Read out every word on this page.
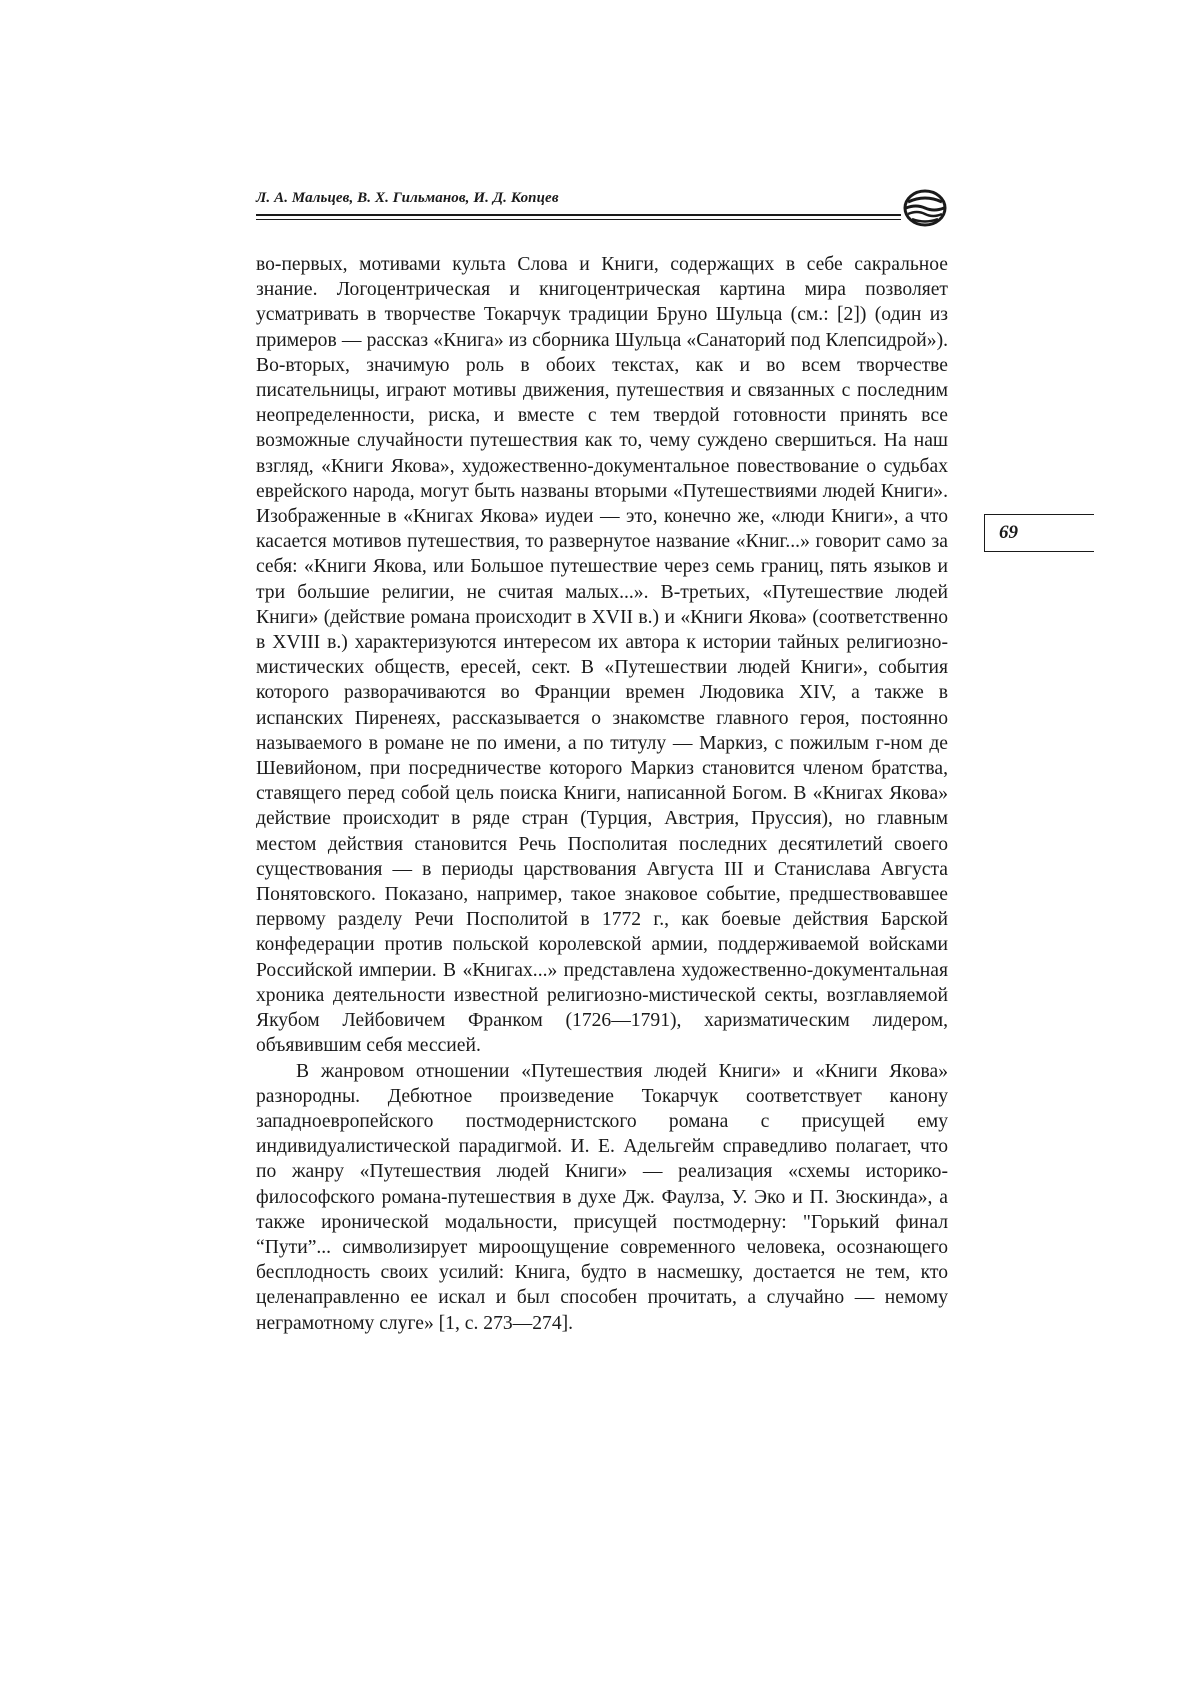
Л. А. Мальцев, В. Х. Гильманов, И. Д. Копцев
69

во-первых, мотивами культа Слова и Книги, содержащих в себе сакральное знание. Логоцентрическая и книгоцентрическая картина мира позволяет усматривать в творчестве Токарчук традиции Бруно Шульца (см.: [2]) (один из примеров — рассказ «Книга» из сборника Шульца «Санаторий под Клепсидрой»). Во-вторых, значимую роль в обоих текстах, как и во всем творчестве писательницы, играют мотивы движения, путешествия и связанных с последним неопределенности, риска, и вместе с тем твердой готовности принять все возможные случайности путешествия как то, чему суждено свершиться. На наш взгляд, «Книги Якова», художественно-документальное повествование о судьбах еврейского народа, могут быть названы вторыми «Путешествиями людей Книги». Изображенные в «Книгах Якова» иудеи — это, конечно же, «люди Книги», а что касается мотивов путешествия, то развернутое название «Книг...» говорит само за себя: «Книги Якова, или Большое путешествие через семь границ, пять языков и три большие религии, не считая малых...». В-третьих, «Путешествие людей Книги» (действие романа происходит в XVII в.) и «Книги Якова» (соответственно в XVIII в.) характеризуются интересом их автора к истории тайных религиозно-мистических обществ, ересей, сект. В «Путешествии людей Книги», события которого разворачиваются во Франции времен Людовика XIV, а также в испанских Пиренеях, рассказывается о знакомстве главного героя, постоянно называемого в романе не по имени, а по титулу — Маркиз, с пожилым г-ном де Шевийоном, при посредничестве которого Маркиз становится членом братства, ставящего перед собой цель поиска Книги, написанной Богом. В «Книгах Якова» действие происходит в ряде стран (Турция, Австрия, Пруссия), но главным местом действия становится Речь Посполитая последних десятилетий своего существования — в периоды царствования Августа III и Станислава Августа Понятовского. Показано, например, такое знаковое событие, предшествовавшее первому разделу Речи Посполитой в 1772 г., как боевые действия Барской конфедерации против польской королевской армии, поддерживаемой войсками Российской империи. В «Книгах...» представлена художественно-документальная хроника деятельности известной религиозно-мистической секты, возглавляемой Якубом Лейбовичем Франком (1726—1791), харизматическим лидером, объявившим себя мессией.

В жанровом отношении «Путешествия людей Книги» и «Книги Якова» разнородны. Дебютное произведение Токарчук соответствует канону западноевропейского постмодернистского романа с присущей ему индивидуалистической парадигмой. И. Е. Адельгейм справедливо полагает, что по жанру «Путешествия людей Книги» — реализация «схемы историко-философского романа-путешествия в духе Дж. Фаулза, У. Эко и П. Зюскинда», а также иронической модальности, присущей постмодерну: "Горький финал “Пути”... символизирует мироощущение современного человека, осознающего бесплодность своих усилий: Книга, будто в насмешку, достается не тем, кто целенаправленно ее искал и был способен прочитать, а случайно — немому неграмотному слуге» [1, с. 273—274].
